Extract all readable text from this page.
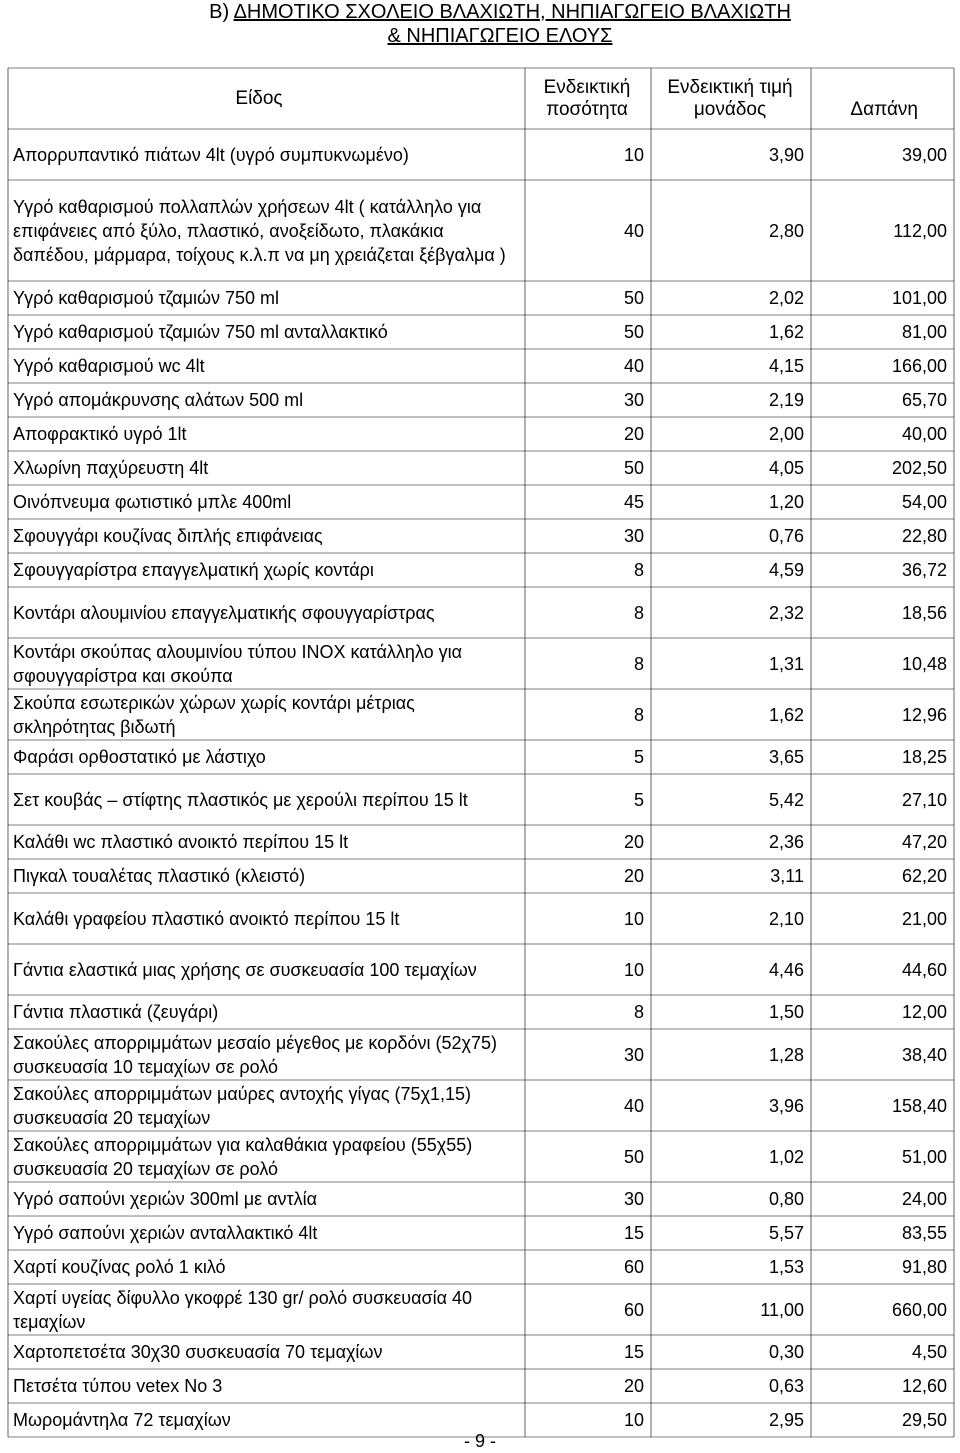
Β) ΔΗΜΟΤΙΚΟ ΣΧΟΛΕΙΟ ΒΛΑΧΙΩΤΗ, ΝΗΠΙΑΓΩΓΕΙΟ ΒΛΑΧΙΩΤΗ
& ΝΗΠΙΑΓΩΓΕΙΟ ΕΛΟΥΣ
Είδος	Ενδεικτική ποσότητα	Ενδεικτική τιμή μονάδος	Δαπάνη
Απορρυπαντικό πιάτων 4lt (υγρό συμπυκνωμένο)	10	3,90	39,00
Υγρό καθαρισμού πολλαπλών χρήσεων 4lt ( κατάλληλο για επιφάνειες από ξύλο, πλαστικό, ανοξείδωτο, πλακάκια δαπέδου, μάρμαρα, τοίχους κ.λ.π να μη χρειάζεται ξέβγαλμα )	40	2,80	112,00
Υγρό καθαρισμού τζαμιών 750 ml	50	2,02	101,00
Υγρό καθαρισμού τζαμιών 750 ml ανταλλακτικό	50	1,62	81,00
Υγρό καθαρισμού wc 4lt	40	4,15	166,00
Υγρό απομάκρυνσης αλάτων 500 ml	30	2,19	65,70
Αποφρακτικό υγρό 1lt	20	2,00	40,00
Χλωρίνη παχύρευστη 4lt	50	4,05	202,50
Οινόπνευμα φωτιστικό μπλε 400ml	45	1,20	54,00
Σφουγγάρι κουζίνας διπλής επιφάνειας	30	0,76	22,80
Σφουγγαρίστρα επαγγελματική χωρίς κοντάρι	8	4,59	36,72
Κοντάρι αλουμινίου επαγγελματικής σφουγγαρίστρας	8	2,32	18,56
Κοντάρι σκούπας αλουμινίου τύπου ΙΝΟΧ κατάλληλο για σφουγγαρίστρα και σκούπα	8	1,31	10,48
Σκούπα εσωτερικών χώρων χωρίς κοντάρι μέτριας σκληρότητας βιδωτή	8	1,62	12,96
Φαράσι ορθοστατικό με λάστιχο	5	3,65	18,25
Σετ κουβάς – στίφτης πλαστικός με χερούλι περίπου 15 lt	5	5,42	27,10
Καλάθι wc πλαστικό ανοικτό περίπου 15 lt	20	2,36	47,20
Πιγκαλ τουαλέτας πλαστικό (κλειστό)	20	3,11	62,20
Καλάθι γραφείου πλαστικό ανοικτό περίπου 15 lt	10	2,10	21,00
Γάντια ελαστικά μιας χρήσης σε συσκευασία 100 τεμαχίων	10	4,46	44,60
Γάντια πλαστικά (ζευγάρι)	8	1,50	12,00
Σακούλες απορριμμάτων μεσαίο μέγεθος με κορδόνι (52χ75) συσκευασία 10 τεμαχίων σε ρολό	30	1,28	38,40
Σακούλες απορριμμάτων μαύρες αντοχής γίγας (75χ1,15) συσκευασία 20 τεμαχίων	40	3,96	158,40
Σακούλες απορριμμάτων για καλαθάκια γραφείου (55χ55) συσκευασία 20 τεμαχίων σε ρολό	50	1,02	51,00
Υγρό σαπούνι χεριών 300ml με αντλία	30	0,80	24,00
Υγρό σαπούνι χεριών ανταλλακτικό 4lt	15	5,57	83,55
Χαρτί κουζίνας ρολό 1 κιλό	60	1,53	91,80
Χαρτί υγείας δίφυλλο γκοφρέ 130 gr/ ρολό συσκευασία 40 τεμαχίων	60	11,00	660,00
Χαρτοπετσέτα 30χ30 συσκευασία 70 τεμαχίων	15	0,30	4,50
Πετσέτα τύπου vetex No 3	20	0,63	12,60
Μωρομάντηλα 72 τεμαχίων	10	2,95	29,50
- 9 -
